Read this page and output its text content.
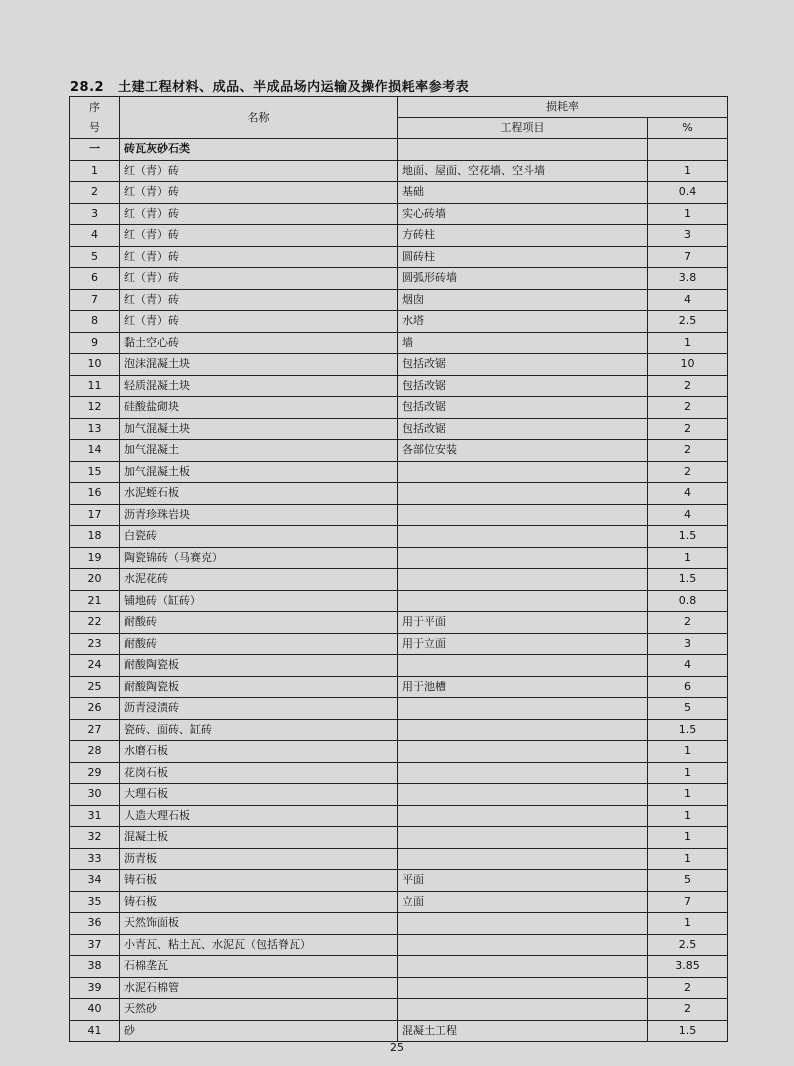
28.2 土建工程材料、成品、半成品场内运输及操作损耗率参考表
序
号	名称	损耗率	
		工程项目	%
一	砖瓦灰砂石类		
1	红（青）砖	地面、屋面、空花墙、空斗墙	1
2	红（青）砖	基础	0.4
3	红（青）砖	实心砖墙	1
4	红（青）砖	方砖柱	3
5	红（青）砖	圆砖柱	7
6	红（青）砖	圆弧形砖墙	3.8
7	红（青）砖	烟囱	4
8	红（青）砖	水塔	2.5
9	黏土空心砖	墙	1
10	泡沫混凝土块	包括改锯	10
11	轻质混凝土块	包括改锯	2
12	硅酸盐砌块	包括改锯	2
13	加气混凝土块	包括改锯	2
14	加气混凝土	各部位安装	2
15	加气混凝土板		2
16	水泥蛭石板		4
17	沥青珍珠岩块		4
18	白瓷砖		1.5
19	陶瓷锦砖（马赛克）		1
20	水泥花砖		1.5
21	铺地砖（缸砖）		0.8
22	耐酸砖	用于平面	2
23	耐酸砖	用于立面	3
24	耐酸陶瓷板		4
25	耐酸陶瓷板	用于池槽	6
26	沥青浸渍砖		5
27	瓷砖、面砖、缸砖		1.5
28	水磨石板		1
29	花岗石板		1
30	大理石板		1
31	人造大理石板		1
32	混凝土板		1
33	沥青板		1
34	铸石板	平面	5
35	铸石板	立面	7
36	天然饰面板		1
37	小青瓦、粘土瓦、水泥瓦（包括脊瓦）		2.5
38	石棉垄瓦		3.85
39	水泥石棉管		2
40	天然砂		2
41	砂	混凝土工程	1.5
25
